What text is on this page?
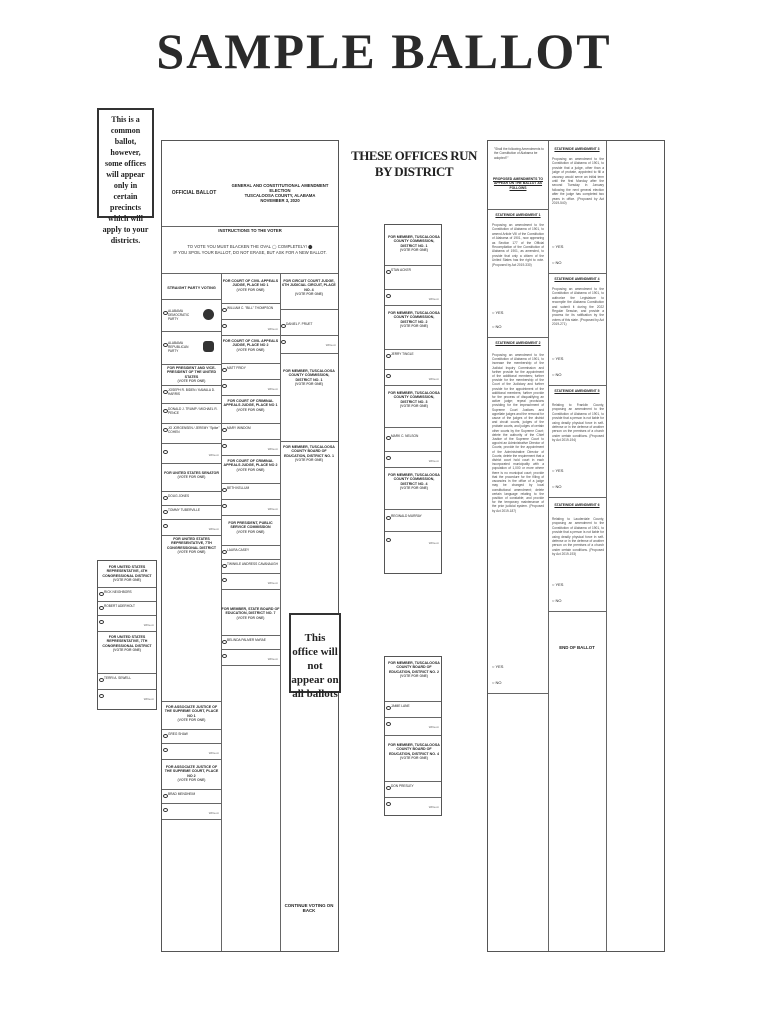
SAMPLE BALLOT
This is a common ballot, however, some offices will appear only in certain precincts which will apply to your districts.
OFFICIAL BALLOT
GENERAL AND CONSTITUTIONAL AMENDMENT ELECTION
TUSCALOOSA COUNTY, ALABAMA
NOVEMBER 3, 2020
INSTRUCTIONS TO THE VOTER
TO VOTE YOU MUST BLACKEN THE OVAL ◯ COMPLETELY! ⬤
IF YOU SPOIL YOUR BALLOT, DO NOT ERASE, BUT ASK FOR A NEW BALLOT.
STRAIGHT PARTY VOTING
ALABAMA DEMOCRATIC PARTY
ALABAMA REPUBLICAN PARTY
FOR PRESIDENT AND VICE-PRESIDENT OF THE UNITED STATES
(VOTE FOR ONE)
JOSEPH R. BIDEN / KAMALA D. HARRIS
DONALD J. TRUMP / MICHAEL R. PENCE
JO JORGENSEN / JEREMY "Spike" COHEN
Write-in
FOR UNITED STATES SENATOR
(VOTE FOR ONE)
DOUG JONES
TOMMY TUBERVILLE
Write-in
FOR UNITED STATES REPRESENTATIVE, 7TH CONGRESSIONAL DISTRICT
(VOTE FOR ONE)
FOR ASSOCIATE JUSTICE OF THE SUPREME COURT, PLACE NO 1
(VOTE FOR ONE)
GREG SHAW
Write-in
FOR ASSOCIATE JUSTICE OF THE SUPREME COURT, PLACE NO 2
(VOTE FOR ONE)
BRAD MENDHEIM
Write-in
FOR COURT OF CIVIL APPEALS JUDGE, PLACE NO 1
(VOTE FOR ONE)
WILLIAM C. "BILL" THOMPSON
Write-in
FOR COURT OF CIVIL APPEALS JUDGE, PLACE NO 2
(VOTE FOR ONE)
MATT FRIDY
Write-in
FOR COURT OF CRIMINAL APPEALS JUDGE, PLACE NO 1
(VOTE FOR ONE)
MARY WINDOM
Write-in
FOR COURT OF CRIMINAL APPEALS JUDGE, PLACE NO 2
(VOTE FOR ONE)
BETH KELLUM
Write-in
FOR PRESIDENT, PUBLIC SERVICE COMMISSION
(VOTE FOR ONE)
LAURA CASEY
TWINKLE ANDRESS CAVANAUGH
Write-in
FOR MEMBER, STATE BOARD OF EDUCATION, DISTRICT NO. 7
(VOTE FOR ONE)
BELINDA PALMER McRAE
Write-in
FOR CIRCUIT COURT JUDGE, 6TH JUDICIAL CIRCUIT, PLACE NO. 4
(VOTE FOR ONE)
DANIEL F. PRUET
Write-in
FOR MEMBER, TUSCALOOSA COUNTY COMMISSION, DISTRICT NO. 1
(VOTE FOR ONE)
FOR MEMBER, TUSCALOOSA COUNTY BOARD OF EDUCATION, DISTRICT NO. 1
(VOTE FOR ONE)
CONTINUE VOTING ON BACK
FOR UNITED STATES REPRESENTATIVE, 4TH CONGRESSIONAL DISTRICT
(VOTE FOR ONE)
RICK NEIGHBORS
ROBERT ADERHOLT
Write-in
FOR UNITED STATES REPRESENTATIVE, 7TH CONGRESSIONAL DISTRICT
(VOTE FOR ONE)
TERRI A. SEWELL
Write-in
This office will not appear on all ballots
THESE OFFICES RUN BY DISTRICT
FOR MEMBER, TUSCALOOSA COUNTY COMMISSION, DISTRICT NO. 1
(VOTE FOR ONE)
STAN ACKER
Write-in
FOR MEMBER, TUSCALOOSA COUNTY COMMISSION, DISTRICT NO. 2
(VOTE FOR ONE)
JERRY TINGLE
Write-in
FOR MEMBER, TUSCALOOSA COUNTY COMMISSION, DISTRICT NO. 3
(VOTE FOR ONE)
MARK C. NELSON
Write-in
FOR MEMBER, TUSCALOOSA COUNTY COMMISSION, DISTRICT NO. 4
(VOTE FOR ONE)
REGINALD MURRAY
Write-in
FOR MEMBER, TUSCALOOSA COUNTY BOARD OF EDUCATION, DISTRICT NO. 2
(VOTE FOR ONE)
JAMIE LANE
Write-in
FOR MEMBER, TUSCALOOSA COUNTY BOARD OF EDUCATION, DISTRICT NO. 4
(VOTE FOR ONE)
DON PRESLEY
Write-in
"Shall the following Amendments to the Constitution of Alabama be adopted?"
PROPOSED AMENDMENTS TO APPEAR ON THE BALLOT AS FOLLOWS
STATEWIDE AMENDMENT 1
Proposing an amendment to the Constitution of Alabama of 1901, to amend Article VIII of the Constitution of Alabama of 1901, now appearing as Section 177 of the Official Recompilation of the Constitution of Alabama of 1901, as amended, to provide that only a citizen of the United States has the right to vote. (Proposed by Act 2019-330)
○ YES
○ NO
STATEWIDE AMENDMENT 2
Proposing an amendment to the Constitution of Alabama of 1901, to increase the membership of the Judicial Inquiry Commission and further provide for the appointment of the additional members; further provide for the membership of the Court of the Judiciary and further provide for the appointment of the additional members; further provide for the process of disqualifying an active judge; repeal provisions providing for the impeachment of Supreme Court Justices and appellate judges and the removal for cause of the judges of the district and circuit courts, judges of the probate courts, and judges of certain other courts by the Supreme Court; delete the authority of the Chief Justice of the Supreme Court to appoint an Administrative Director of Courts; provide for the appointment of the Administrative Director of Courts; delete the requirement that a district court hold court in each incorporated municipality with a population of 1,000 or more where there is no municipal court; provide that the procedure for the filling of vacancies in the office of a judge may be changed by local constitutional amendment; delete certain language relating to the position of constable; and provide for the temporary maintenance of the prior judicial system. (Proposed by Act 2019-187)
○ YES
○ NO
STATEWIDE AMENDMENT 3
Proposing an amendment to the Constitution of Alabama of 1901, to provide that a judge, other than a judge of probate, appointed to fill a vacancy would serve an initial term until the first Monday after the second Tuesday in January following the next general election after the judge has completed two years in office. (Proposed by Act 2019-540)
○ YES
○ NO
STATEWIDE AMENDMENT 4
Proposing an amendment to the Constitution of Alabama of 1901, to authorize the Legislature to recompile the Alabama Constitution and submit it during the 2022 Regular Session, and provide a process for its ratification by the voters of this state. (Proposed by Act 2019-271)
○ YES
○ NO
STATEWIDE AMENDMENT 5
Relating to Franklin County, proposing an amendment to the Constitution of Alabama of 1901, to provide that a person is not liable for using deadly physical force in self-defense or in the defense of another person on the premises of a church under certain conditions. (Proposed by Act 2019-194)
○ YES
○ NO
STATEWIDE AMENDMENT 6
Relating to Lauderdale County, proposing an amendment to the Constitution of Alabama of 1901, to provide that a person is not liable for using deadly physical force in self-defense or in the defense of another person on the premises of a church under certain conditions. (Proposed by Act 2019-193)
○ YES
○ NO
END OF BALLOT
